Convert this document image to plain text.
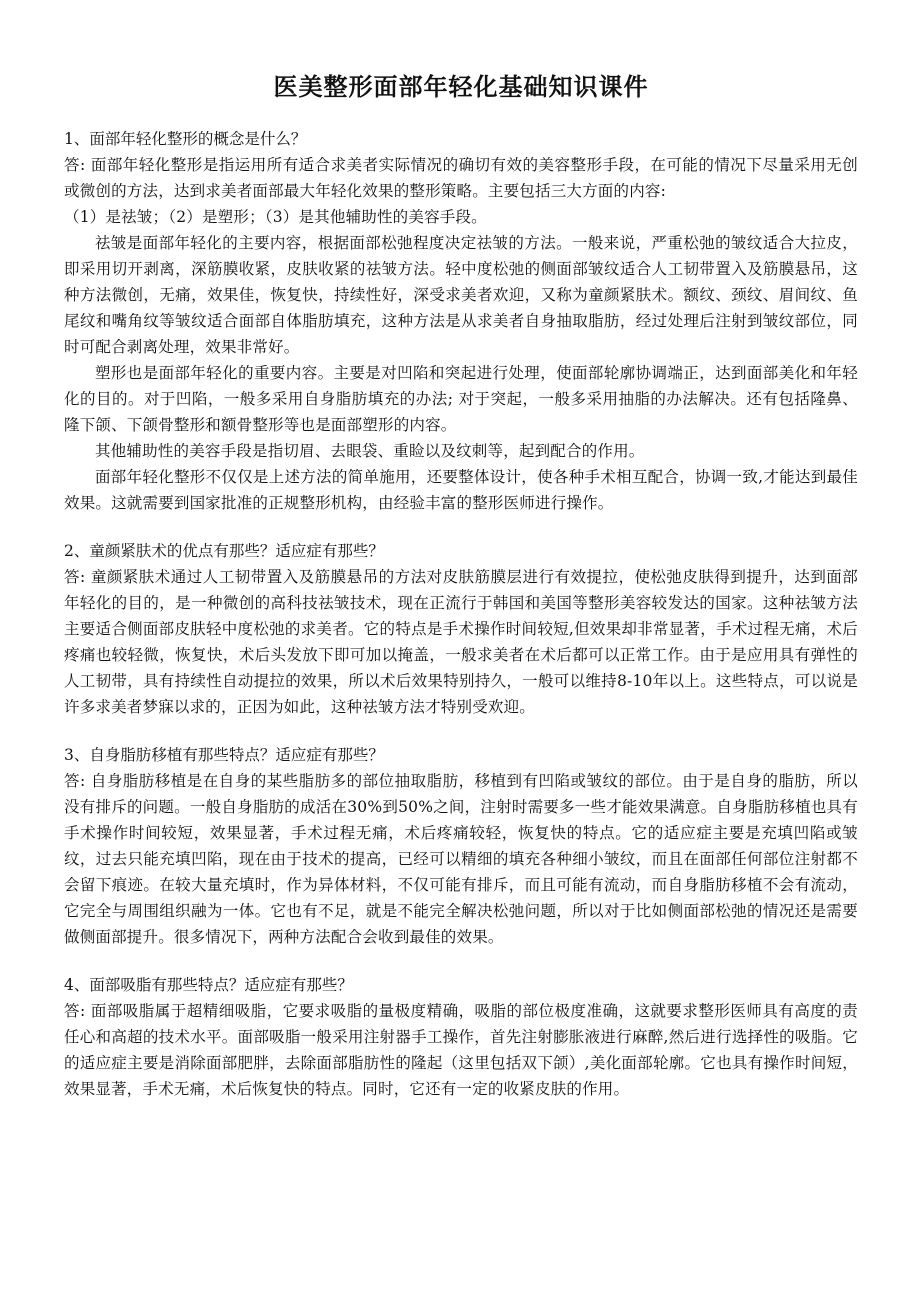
医美整形面部年轻化基础知识课件

1、面部年轻化整形的概念是什么？

答: 面部年轻化整形是指运用所有适合求美者实际情况的确切有效的美容整形手段，在可能的情况下尽量采用无创或微创的方法，达到求美者面部最大年轻化效果的整形策略。主要包括三大方面的内容:

（1）是祛皱；（2）是塑形；（3）是其他辅助性的美容手段。

祛皱是面部年轻化的主要内容，根据面部松弛程度决定祛皱的方法。一般来说，严重松弛的皱纹适合大拉皮，即采用切开剥离，深筋膜收紧，皮肤收紧的祛皱方法。轻中度松弛的侧面部皱纹适合人工韧带置入及筋膜悬吊，这种方法微创，无痛，效果佳，恢复快，持续性好，深受求美者欢迎，又称为童颜紧肤术。额纹、颈纹、眉间纹、鱼尾纹和嘴角纹等皱纹适合面部自体脂肪填充，这种方法是从求美者自身抽取脂肪，经过处理后注射到皱纹部位，同时可配合剥离处理，效果非常好。

塑形也是面部年轻化的重要内容。主要是对凹陷和突起进行处理，使面部轮廓协调端正，达到面部美化和年轻化的目的。对于凹陷，一般多采用自身脂肪填充的办法; 对于突起，一般多采用抽脂的办法解决。还有包括隆鼻、隆下颌、下颌骨整形和额骨整形等也是面部塑形的内容。

其他辅助性的美容手段是指切眉、去眼袋、重睑以及纹刺等，起到配合的作用。

面部年轻化整形不仅仅是上述方法的简单施用，还要整体设计，使各种手术相互配合，协调一致,才能达到最佳效果。这就需要到国家批准的正规整形机构，由经验丰富的整形医师进行操作。

2、童颜紧肤术的优点有那些？适应症有那些？

答: 童颜紧肤术通过人工韧带置入及筋膜悬吊的方法对皮肤筋膜层进行有效提拉，使松弛皮肤得到提升，达到面部年轻化的目的，是一种微创的高科技祛皱技术，现在正流行于韩国和美国等整形美容较发达的国家。这种祛皱方法主要适合侧面部皮肤轻中度松弛的求美者。它的特点是手术操作时间较短,但效果却非常显著，手术过程无痛，术后疼痛也较轻微，恢复快，术后头发放下即可加以掩盖，一般求美者在术后都可以正常工作。由于是应用具有弹性的人工韧带，具有持续性自动提拉的效果，所以术后效果特别持久，一般可以维持8-10年以上。这些特点，可以说是许多求美者梦寐以求的，正因为如此，这种祛皱方法才特别受欢迎。

3、自身脂肪移植有那些特点？适应症有那些？

答: 自身脂肪移植是在自身的某些脂肪多的部位抽取脂肪，移植到有凹陷或皱纹的部位。由于是自身的脂肪，所以没有排斥的问题。一般自身脂肪的成活在30%到50%之间，注射时需要多一些才能效果满意。自身脂肪移植也具有手术操作时间较短，效果显著，手术过程无痛，术后疼痛较轻，恢复快的特点。它的适应症主要是充填凹陷或皱纹，过去只能充填凹陷，现在由于技术的提高，已经可以精细的填充各种细小皱纹，而且在面部任何部位注射都不会留下痕迹。在较大量充填时，作为异体材料，不仅可能有排斥，而且可能有流动，而自身脂肪移植不会有流动，它完全与周围组织融为一体。它也有不足，就是不能完全解决松弛问题，所以对于比如侧面部松弛的情况还是需要做侧面部提升。很多情况下，两种方法配合会收到最佳的效果。

4、面部吸脂有那些特点？适应症有那些？

答: 面部吸脂属于超精细吸脂，它要求吸脂的量极度精确，吸脂的部位极度准确，这就要求整形医师具有高度的责任心和高超的技术水平。面部吸脂一般采用注射器手工操作，首先注射膨胀液进行麻醉,然后进行选择性的吸脂。它的适应症主要是消除面部肥胖，去除面部脂肪性的隆起（这里包括双下颌）,美化面部轮廓。它也具有操作时间短，效果显著，手术无痛，术后恢复快的特点。同时，它还有一定的收紧皮肤的作用。
